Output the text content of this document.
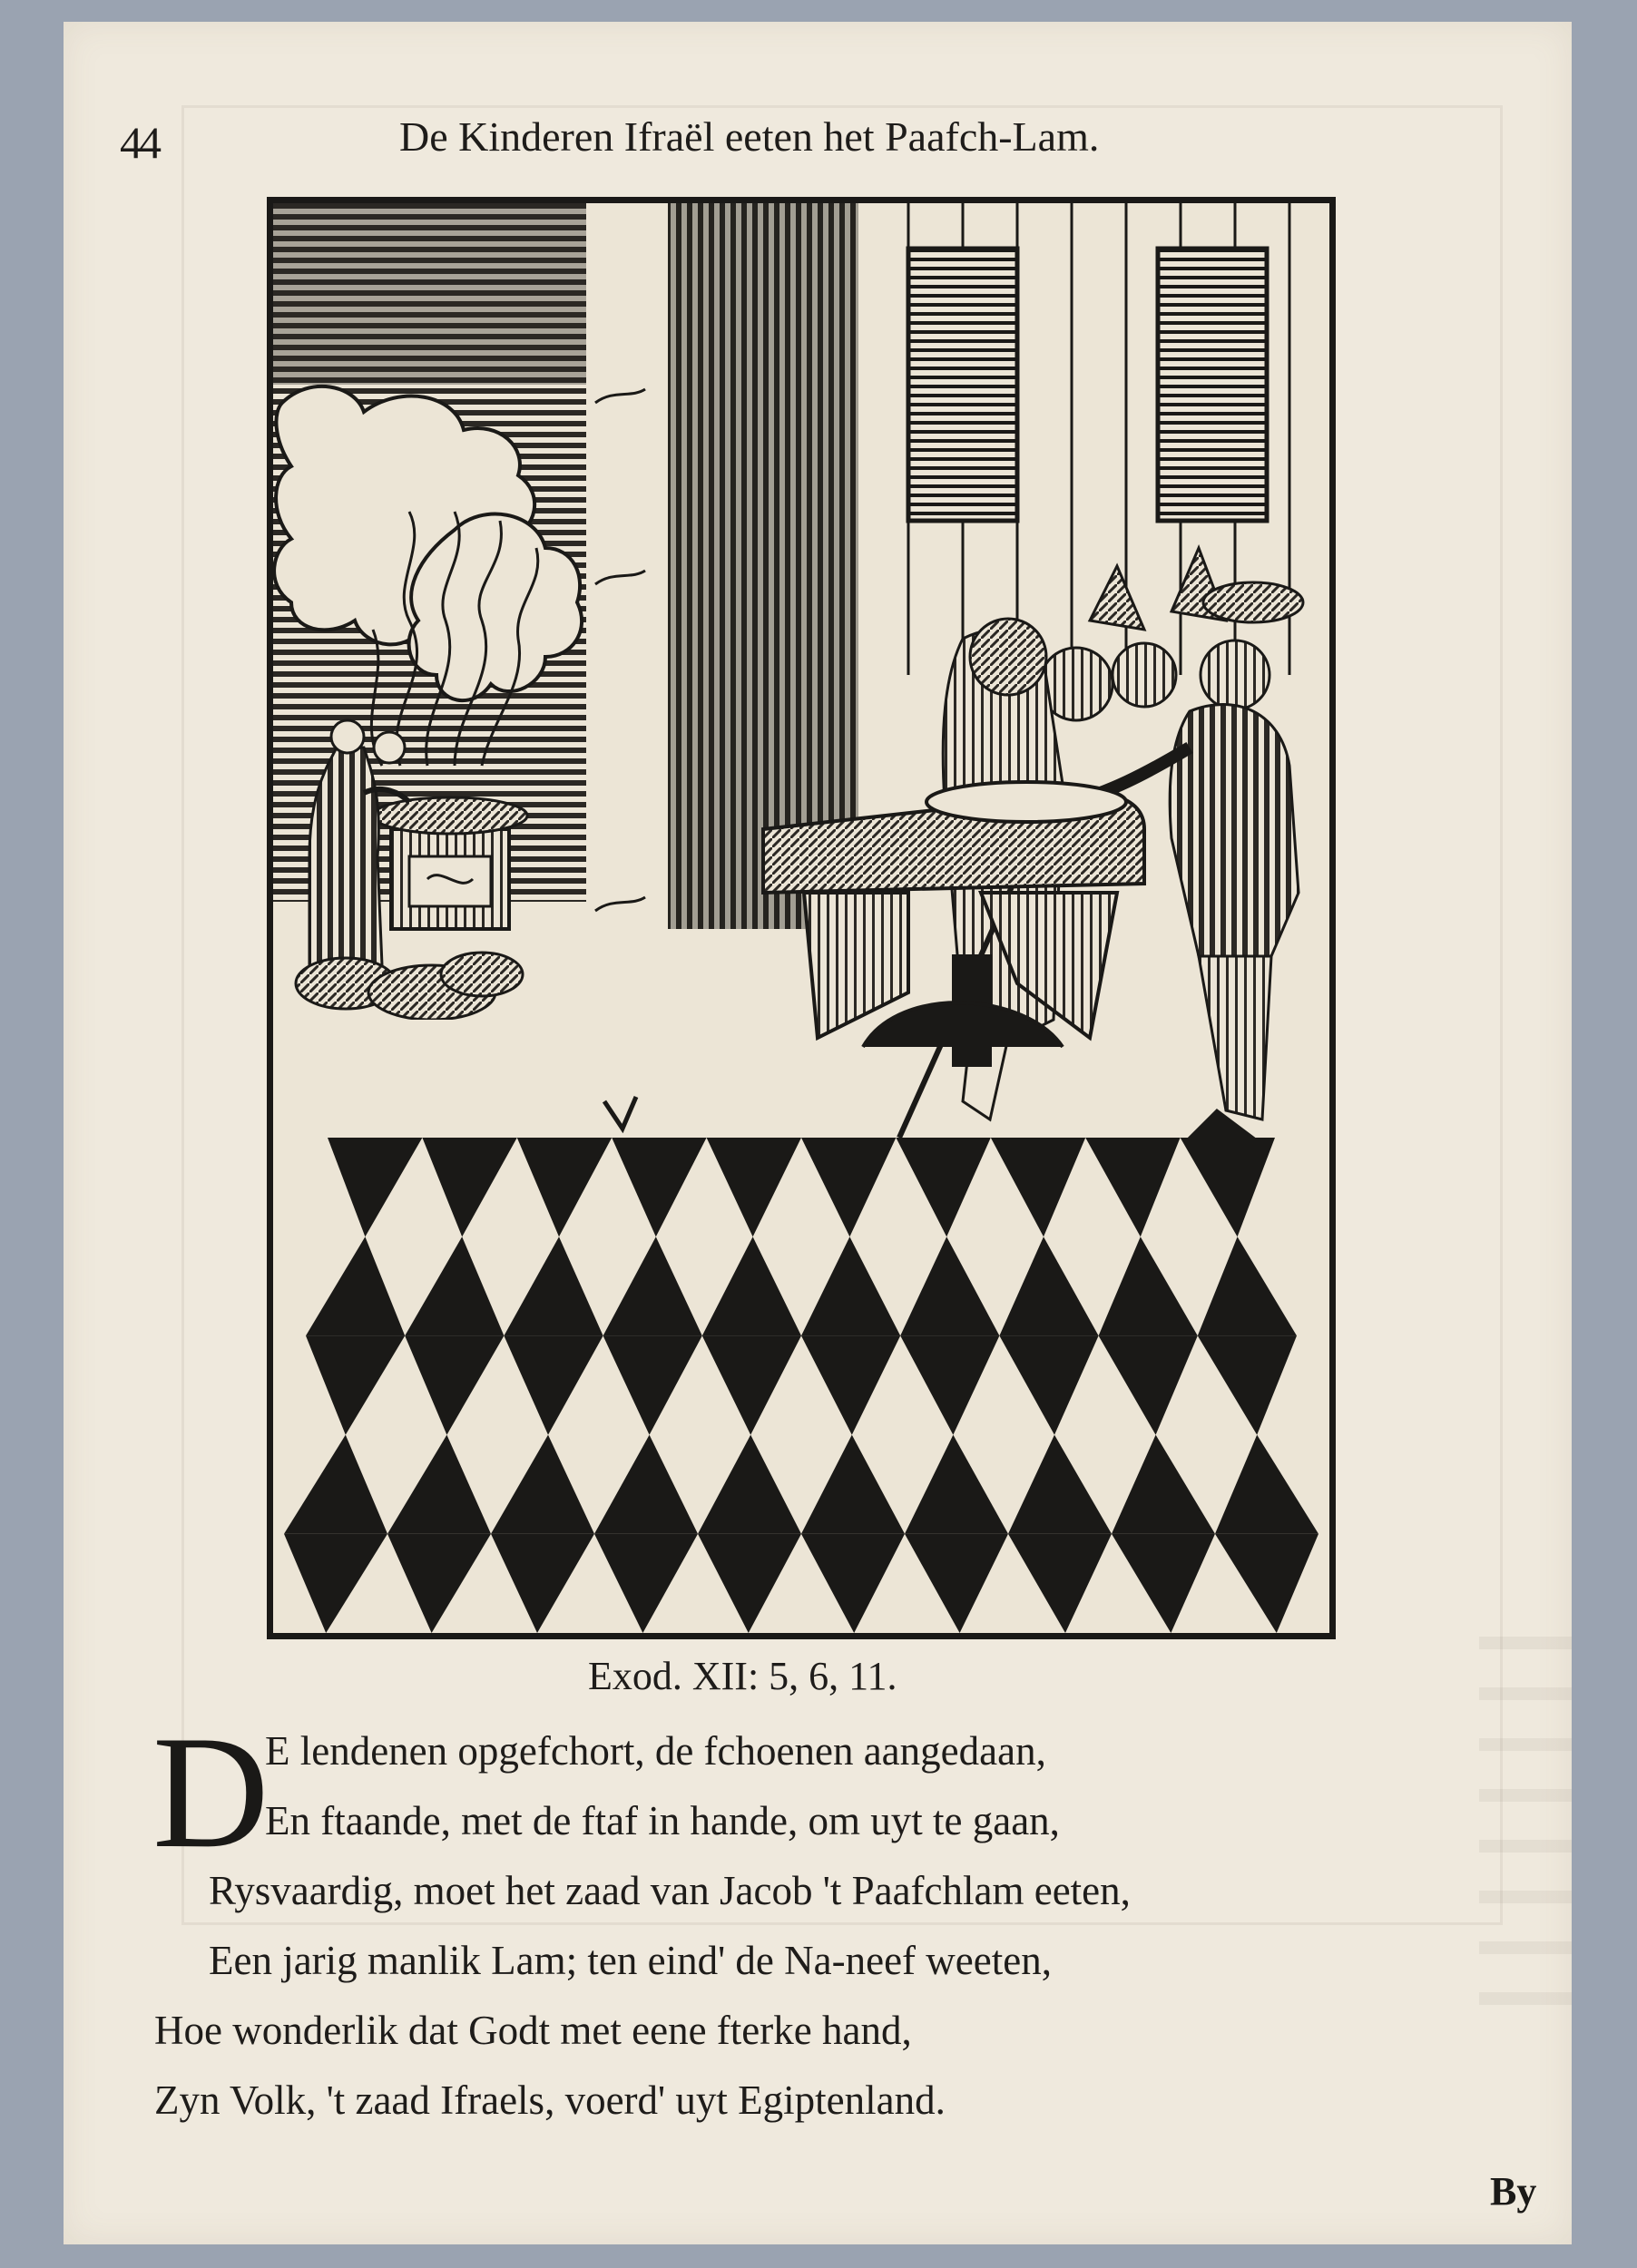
44	De Kinderen Ifraël eeten het Paafch-Lam.
Exod. XII: 5, 6, 11.
D
E lendenen opgefchort, de fchoenen aangedaan,
En ftaande, met de ftaf in hande, om uyt te gaan,
Rysvaardig, moet het zaad van Jacob 't Paafchlam eeten,
Een jarig manlik Lam; ten eind' de Na-neef weeten,
Hoe wonderlik dat Godt met eene fterke hand,
Zyn Volk, 't zaad Ifraels, voerd' uyt Egiptenland.
By
